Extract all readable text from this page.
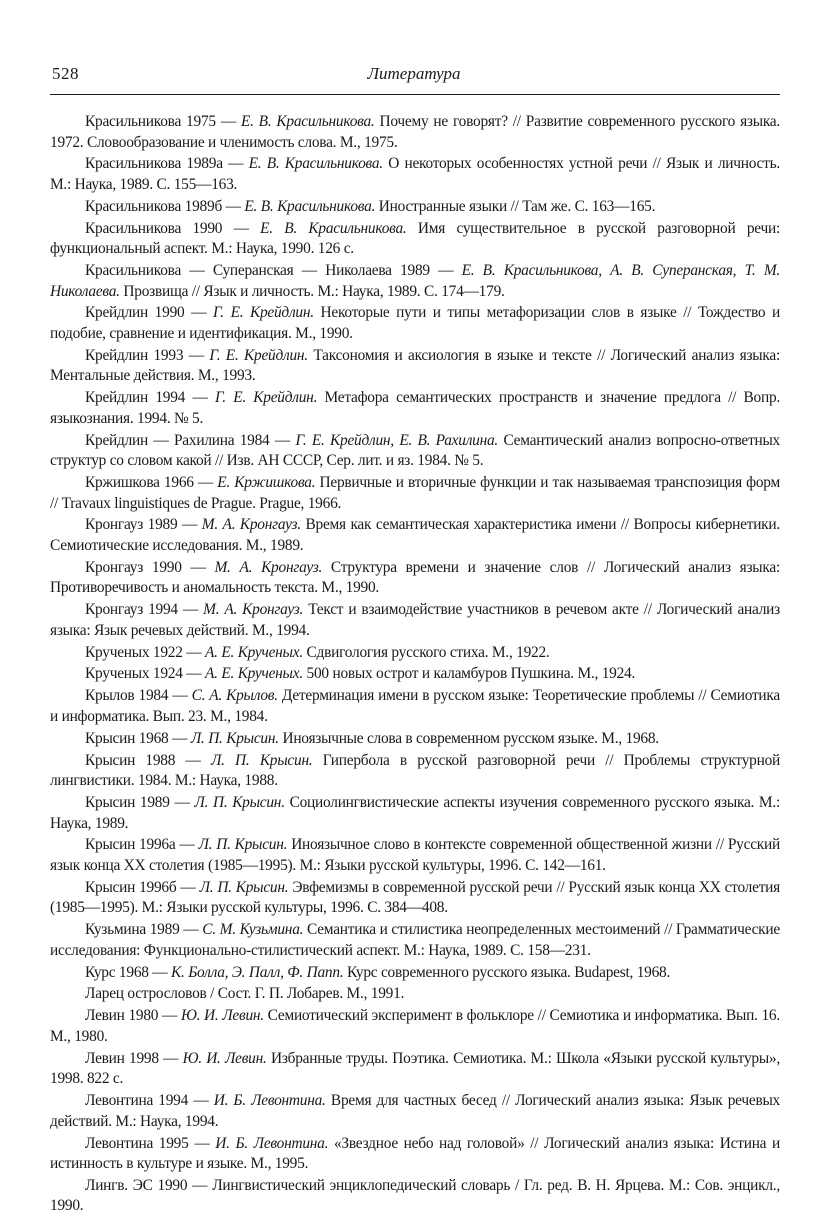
528	Литература

Красильникова 1975 — Е. В. Красильникова. Почему не говорят? // Развитие современного русского языка. 1972. Словообразование и членимость слова. М., 1975.

Красильникова 1989а — Е. В. Красильникова. О некоторых особенностях устной речи // Язык и личность. М.: Наука, 1989. С. 155—163.

Красильникова 1989б — Е. В. Красильникова. Иностранные языки // Там же. С. 163—165.

Красильникова 1990 — Е. В. Красильникова. Имя существительное в русской разговорной речи: функциональный аспект. М.: Наука, 1990. 126 с.

Красильникова — Суперанская — Николаева 1989 — Е. В. Красильникова, А. В. Суперанская, Т. М. Николаева. Прозвища // Язык и личность. М.: Наука, 1989. С. 174—179.

Крейдлин 1990 — Г. Е. Крейдлин. Некоторые пути и типы метафоризации слов в языке // Тождество и подобие, сравнение и идентификация. М., 1990.

Крейдлин 1993 — Г. Е. Крейдлин. Таксономия и аксиология в языке и тексте // Логический анализ языка: Ментальные действия. М., 1993.

Крейдлин 1994 — Г. Е. Крейдлин. Метафора семантических пространств и значение предлога // Вопр. языкознания. 1994. № 5.

Крейдлин — Рахилина 1984 — Г. Е. Крейдлин, Е. В. Рахилина. Семантический анализ вопросно-ответных структур со словом какой // Изв. АН СССР, Сер. лит. и яз. 1984. № 5.

Кржишкова 1966 — Е. Кржишкова. Первичные и вторичные функции и так называемая транспозиция форм // Travaux linguistiques de Prague. Prague, 1966.

Кронгауз 1989 — М. А. Кронгауз. Время как семантическая характеристика имени // Вопросы кибернетики. Семиотические исследования. М., 1989.

Кронгауз 1990 — М. А. Кронгауз. Структура времени и значение слов // Логический анализ языка: Противоречивость и аномальность текста. М., 1990.

Кронгауз 1994 — М. А. Кронгауз. Текст и взаимодействие участников в речевом акте // Логический анализ языка: Язык речевых действий. М., 1994.

Крученых 1922 — А. Е. Крученых. Сдвигология русского стиха. М., 1922.

Крученых 1924 — А. Е. Крученых. 500 новых острот и каламбуров Пушкина. М., 1924.

Крылов 1984 — С. А. Крылов. Детерминация имени в русском языке: Теоретические проблемы // Семиотика и информатика. Вып. 23. М., 1984.

Крысин 1968 — Л. П. Крысин. Иноязычные слова в современном русском языке. М., 1968.

Крысин 1988 — Л. П. Крысин. Гипербола в русской разговорной речи // Проблемы структурной лингвистики. 1984. М.: Наука, 1988.

Крысин 1989 — Л. П. Крысин. Социолингвистические аспекты изучения современного русского языка. М.: Наука, 1989.

Крысин 1996а — Л. П. Крысин. Иноязычное слово в контексте современной общественной жизни // Русский язык конца XX столетия (1985—1995). М.: Языки русской культуры, 1996. С. 142—161.

Крысин 1996б — Л. П. Крысин. Эвфемизмы в современной русской речи // Русский язык конца XX столетия (1985—1995). М.: Языки русской культуры, 1996. С. 384—408.

Кузьмина 1989 — С. М. Кузьмина. Семантика и стилистика неопределенных местоимений // Грамматические исследования: Функционально-стилистический аспект. М.: Наука, 1989. С. 158—231.

Курс 1968 — К. Болла, Э. Палл, Ф. Папп. Курс современного русского языка. Budapest, 1968.

Ларец острословов / Сост. Г. П. Лобарев. М., 1991.

Левин 1980 — Ю. И. Левин. Семиотический эксперимент в фольклоре // Семиотика и информатика. Вып. 16. М., 1980.

Левин 1998 — Ю. И. Левин. Избранные труды. Поэтика. Семиотика. М.: Школа «Языки русской культуры», 1998. 822 с.

Левонтина 1994 — И. Б. Левонтина. Время для частных бесед // Логический анализ языка: Язык речевых действий. М.: Наука, 1994.

Левонтина 1995 — И. Б. Левонтина. «Звездное небо над головой» // Логический анализ языка: Истина и истинность в культуре и языке. М., 1995.

Лингв. ЭС 1990 — Лингвистический энциклопедический словарь / Гл. ред. В. Н. Ярцева. М.: Сов. энцикл., 1990.
